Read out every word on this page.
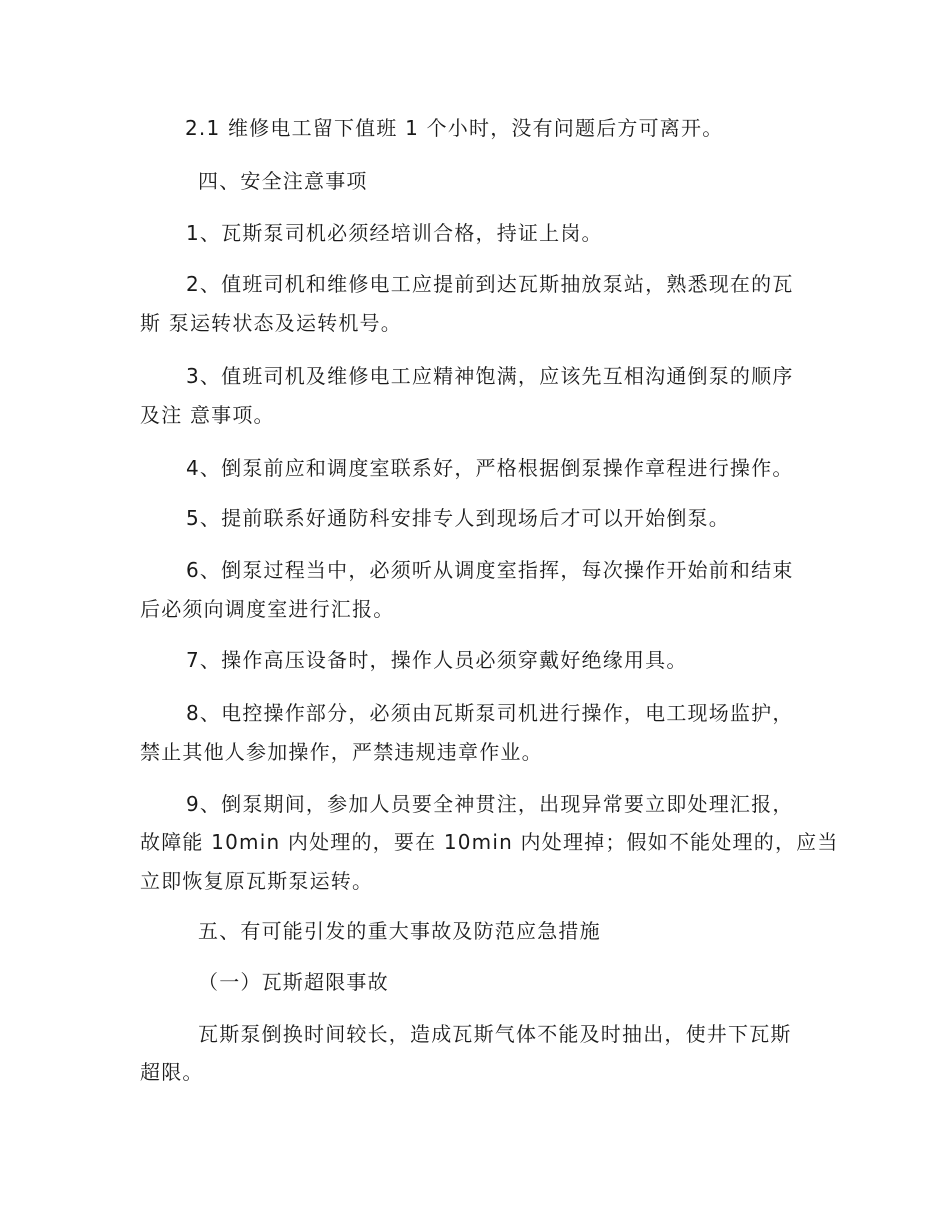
2.1 维修电工留下值班 1 个小时，没有问题后方可离开。
四、安全注意事项
1、瓦斯泵司机必须经培训合格，持证上岗。
2、值班司机和维修电工应提前到达瓦斯抽放泵站，熟悉现在的瓦
斯 泵运转状态及运转机号。
3、值班司机及维修电工应精神饱满，应该先互相沟通倒泵的顺序
及注 意事项。
4、倒泵前应和调度室联系好，严格根据倒泵操作章程进行操作。
5、提前联系好通防科安排专人到现场后才可以开始倒泵。
6、倒泵过程当中，必须听从调度室指挥，每次操作开始前和结束
后必须向调度室进行汇报。
7、操作高压设备时，操作人员必须穿戴好绝缘用具。
8、电控操作部分，必须由瓦斯泵司机进行操作，电工现场监护，
禁止其他人参加操作，严禁违规违章作业。
9、倒泵期间，参加人员要全神贯注，出现异常要立即处理汇报，
故障能 10min 内处理的，要在 10min 内处理掉；假如不能处理的，应当
立即恢复原瓦斯泵运转。
五、有可能引发的重大事故及防范应急措施
（一）瓦斯超限事故
瓦斯泵倒换时间较长，造成瓦斯气体不能及时抽出，使井下瓦斯
超限。
